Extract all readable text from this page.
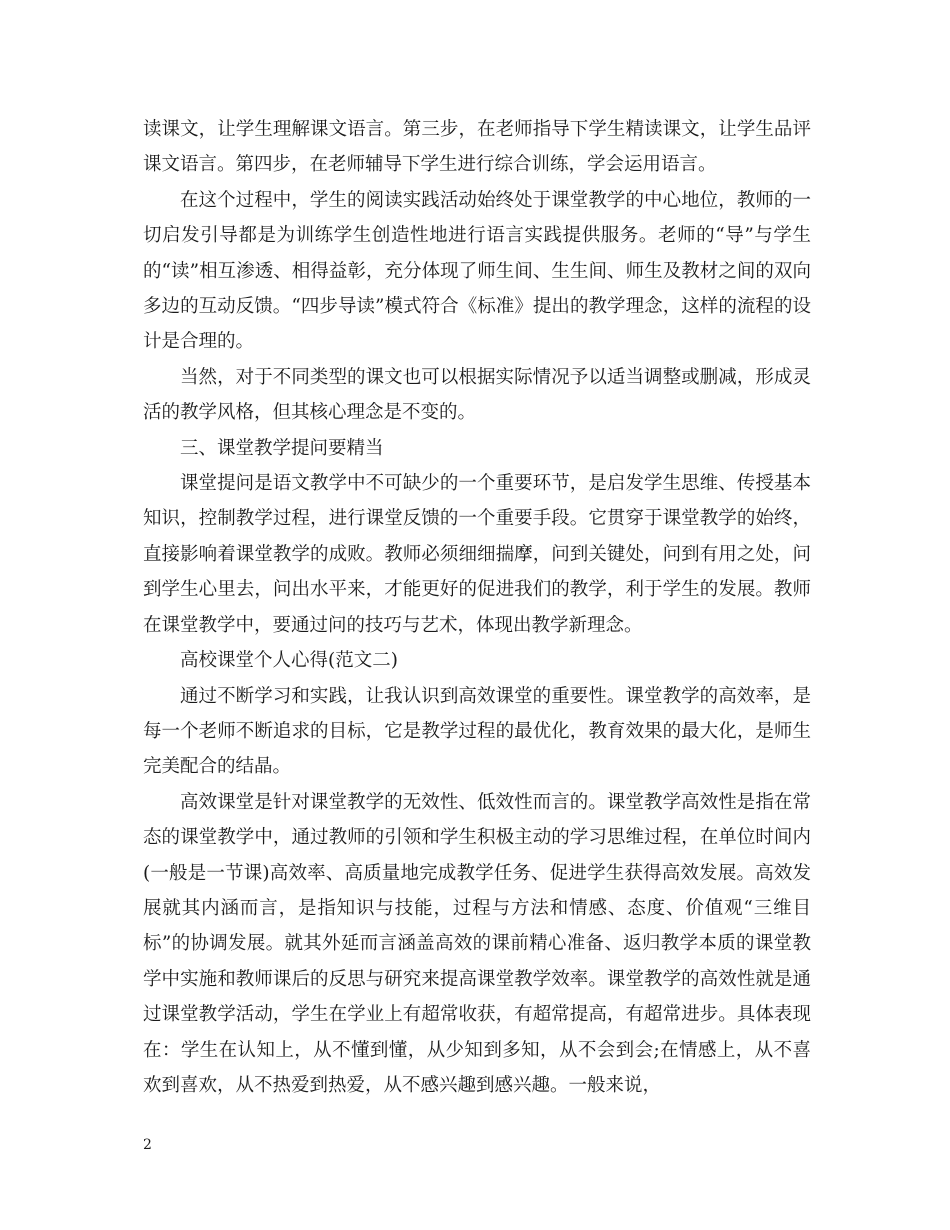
读课文，让学生理解课文语言。第三步，在老师指导下学生精读课文，让学生品评课文语言。第四步，在老师辅导下学生进行综合训练，学会运用语言。

在这个过程中，学生的阅读实践活动始终处于课堂教学的中心地位，教师的一切启发引导都是为训练学生创造性地进行语言实践提供服务。老师的“导”与学生的“读”相互渗透、相得益彰，充分体现了师生间、生生间、师生及教材之间的双向多边的互动反馈。“四步导读”模式符合《标准》提出的教学理念，这样的流程的设计是合理的。

当然，对于不同类型的课文也可以根据实际情况予以适当调整或删减，形成灵活的教学风格，但其核心理念是不变的。

三、课堂教学提问要精当

课堂提问是语文教学中不可缺少的一个重要环节，是启发学生思维、传授基本知识，控制教学过程，进行课堂反馈的一个重要手段。它贯穿于课堂教学的始终，直接影响着课堂教学的成败。教师必须细细揣摩，问到关键处，问到有用之处，问到学生心里去，问出水平来，才能更好的促进我们的教学，利于学生的发展。教师在课堂教学中，要通过问的技巧与艺术，体现出教学新理念。

高校课堂个人心得(范文二)

通过不断学习和实践，让我认识到高效课堂的重要性。课堂教学的高效率，是每一个老师不断追求的目标，它是教学过程的最优化，教育效果的最大化，是师生完美配合的结晶。

高效课堂是针对课堂教学的无效性、低效性而言的。课堂教学高效性是指在常态的课堂教学中，通过教师的引领和学生积极主动的学习思维过程，在单位时间内(一般是一节课)高效率、高质量地完成教学任务、促进学生获得高效发展。高效发展就其内涵而言，是指知识与技能，过程与方法和情感、态度、价值观“三维目标”的协调发展。就其外延而言涵盖高效的课前精心准备、返归教学本质的课堂教学中实施和教师课后的反思与研究来提高课堂教学效率。课堂教学的高效性就是通过课堂教学活动，学生在学业上有超常收获，有超常提高，有超常进步。具体表现在：学生在认知上，从不懂到懂，从少知到多知，从不会到会;在情感上，从不喜欢到喜欢，从不热爱到热爱，从不感兴趣到感兴趣。一般来说，

2
